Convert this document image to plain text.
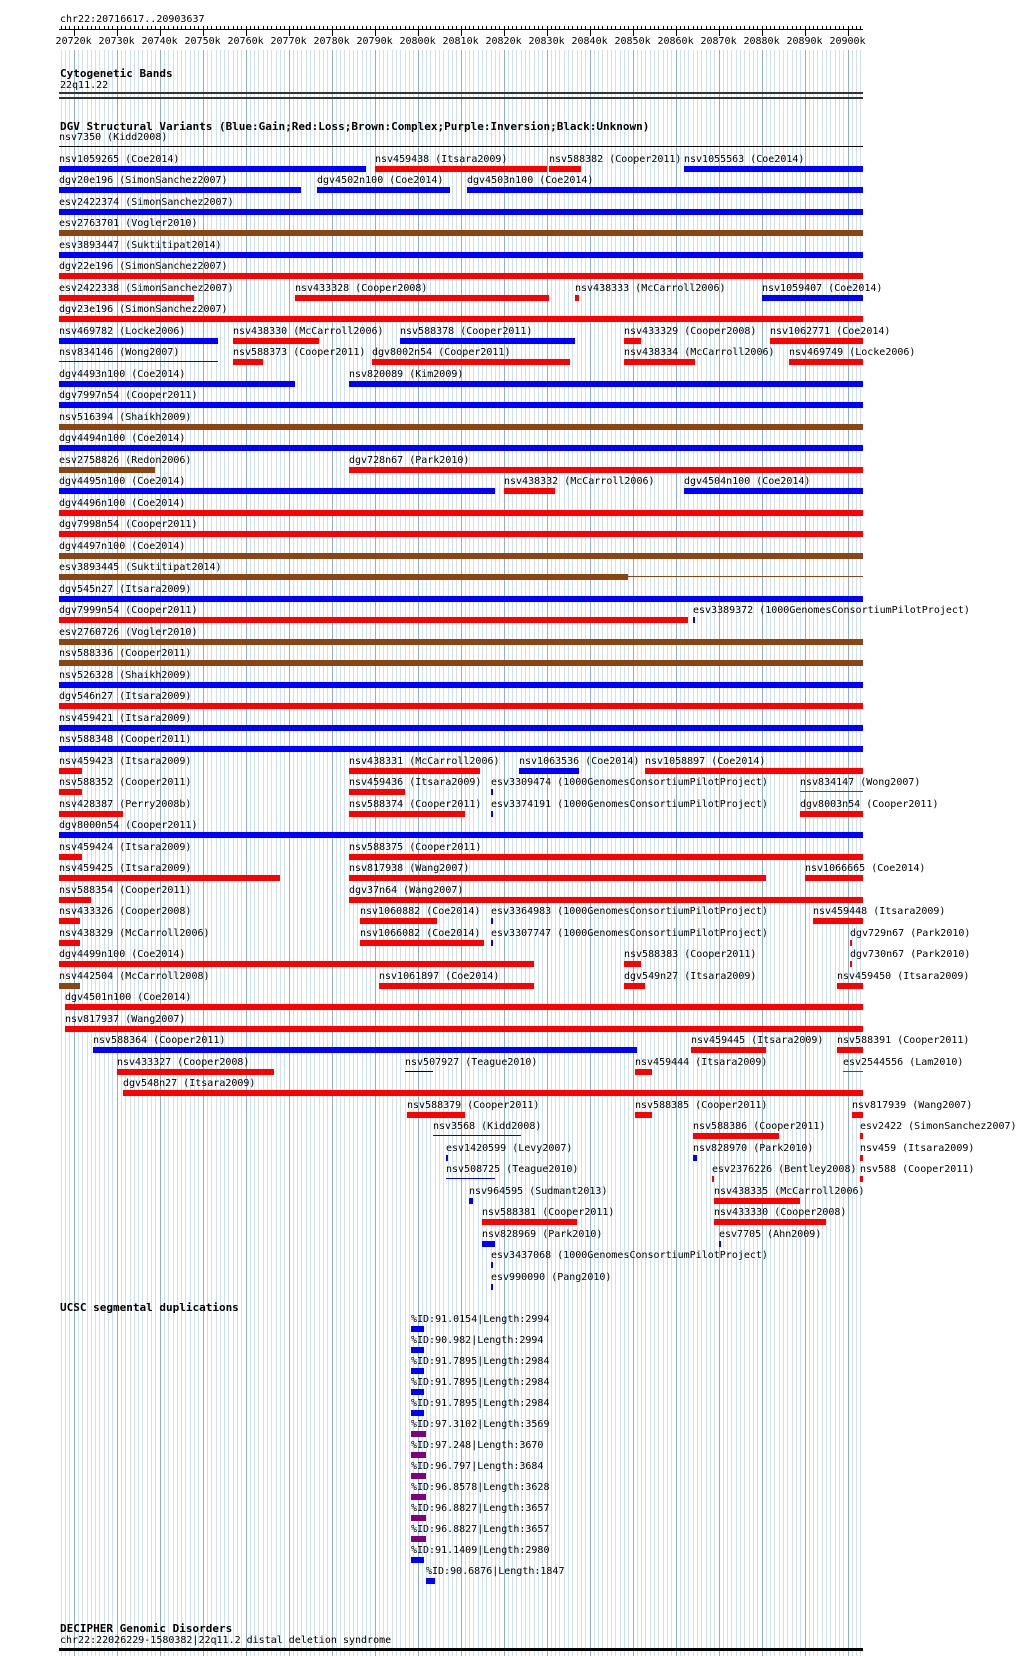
chr22:20716617..20903637
20720k 20730k 20740k 20750k 20760k 20770k 20780k 20790k 20800k 20810k 20820k 20830k 20840k 20850k 20860k 20870k 20880k 20890k 20900k
Cytogenetic Bands
22q11.22
DGV Structural Variants (Blue:Gain;Red:Loss;Brown:Complex;Purple:Inversion;Black:Unknown)
nsv7350 (Kidd2008)
nsv1059265 (Coe2014)	nsv459438 (Itsara2009)	nsv588382 (Cooper2011) nsv1055563 (Coe2014)
dgv20e196 (SimonSanchez2007)	dgv4502n100 (Coe2014) dgv4503n100 (Coe2014)
esv2422374 (SimonSanchez2007)
esv2763701 (Vogler2010)
esv3893447 (Suktitipat2014)
dgv22e196 (SimonSanchez2007)
esv2422338 (SimonSanchez2007)	nsv433328 (Cooper2008)	nsv438333 (McCarroll2006)	nsv1059407 (Coe2014)
dgv23e196 (SimonSanchez2007)
nsv469782 (Locke2006)	nsv438330 (McCarroll2006) nsv588378 (Cooper2011)	nsv433329 (Cooper2008) nsv1062771 (Coe2014)
nsv834146 (Wong2007)	nsv588373 (Cooper2011) dgv8002n54 (Cooper2011)	nsv438334 (McCarroll2006) nsv469749 (Locke2006)
dgv4493n100 (Coe2014)	nsv820089 (Kim2009)
dgv7997n54 (Cooper2011)
nsv516394 (Shaikh2009)
dgv4494n100 (Coe2014)
esv2758826 (Redon2006)	dgv728n67 (Park2010)
dgv4495n100 (Coe2014)	nsv438332 (McCarroll2006)	dgv4504n100 (Coe2014)
dgv4496n100 (Coe2014)
dgv7998n54 (Cooper2011)
dgv4497n100 (Coe2014)
esv3893445 (Suktitipat2014)
dgv545n27 (Itsara2009)
dgv7999n54 (Cooper2011)	esv3389372 (1000GenomesConsortiumPilotProject)
esv2760726 (Vogler2010)
nsv588336 (Cooper2011)
nsv526328 (Shaikh2009)
dgv546n27 (Itsara2009)
nsv459421 (Itsara2009)
nsv588348 (Cooper2011)
nsv459423 (Itsara2009)	nsv438331 (McCarroll2006) nsv1063536 (Coe2014) nsv1058897 (Coe2014)
nsv588352 (Cooper2011)	nsv459436 (Itsara2009) esv3309474 (1000GenomesConsortiumPilotProject)	nsv834147 (Wong2007)
nsv428387 (Perry2008b)	nsv588374 (Cooper2011) esv3374191 (1000GenomesConsortiumPilotProject)	dgv8003n54 (Cooper2011)
dgv8000n54 (Cooper2011)
nsv459424 (Itsara2009)	nsv588375 (Cooper2011)
nsv459425 (Itsara2009)	nsv817938 (Wang2007)	nsv1066665 (Coe2014)
nsv588354 (Cooper2011)	dgv37n64 (Wang2007)
nsv433326 (Cooper2008)	nsv1060882 (Coe2014) esv3364983 (1000GenomesConsortiumPilotProject)	nsv459448 (Itsara2009)
nsv438329 (McCarroll2006)	nsv1066082 (Coe2014) esv3307747 (1000GenomesConsortiumPilotProject)	dgv729n67 (Park2010)
dgv4499n100 (Coe2014)	nsv588383 (Cooper2011)	dgv730n67 (Park2010)
nsv442504 (McCarroll2008)	nsv1061897 (Coe2014)	dgv549n27 (Itsara2009)	nsv459450 (Itsara2009)
dgv4501n100 (Coe2014)
nsv817937 (Wang2007)
nsv588364 (Cooper2011)	nsv459445 (Itsara2009) nsv588391 (Cooper2011)
nsv433327 (Cooper2008)	nsv507927 (Teague2010)	nsv459444 (Itsara2009)	esv2544556 (Lam2010)
dgv548n27 (Itsara2009)
nsv588379 (Cooper2011)	nsv588385 (Cooper2011)	nsv817939 (Wang2007)
nsv3568 (Kidd2008)	nsv588386 (Cooper2011)	esv2422 (SimonSanchez2007)
esv1420599 (Levy2007)	nsv828970 (Park2010)	nsv459 (Itsara2009)
nsv508725 (Teague2010)	esv2376226 (Bentley2008) nsv588 (Cooper2011)
nsv964595 (Sudmant2013)	nsv438335 (McCarroll2006)
nsv588381 (Cooper2011)	nsv433330 (Cooper2008)
nsv828969 (Park2010)	esv7705 (Ahn2009)
esv3437068 (1000GenomesConsortiumPilotProject)
esv990090 (Pang2010)
UCSC segmental duplications
%ID:91.0154|Length:2994
%ID:90.982|Length:2994
%ID:91.7895|Length:2984
%ID:91.7895|Length:2984
%ID:91.7895|Length:2984
%ID:97.3102|Length:3569
%ID:97.248|Length:3670
%ID:96.797|Length:3684
%ID:96.8578|Length:3628
%ID:96.8827|Length:3657
%ID:96.8827|Length:3657
%ID:91.1409|Length:2980
%ID:90.6876|Length:1847
DECIPHER Genomic Disorders
chr22:22026229-1580382|22q11.2 distal deletion syndrome
